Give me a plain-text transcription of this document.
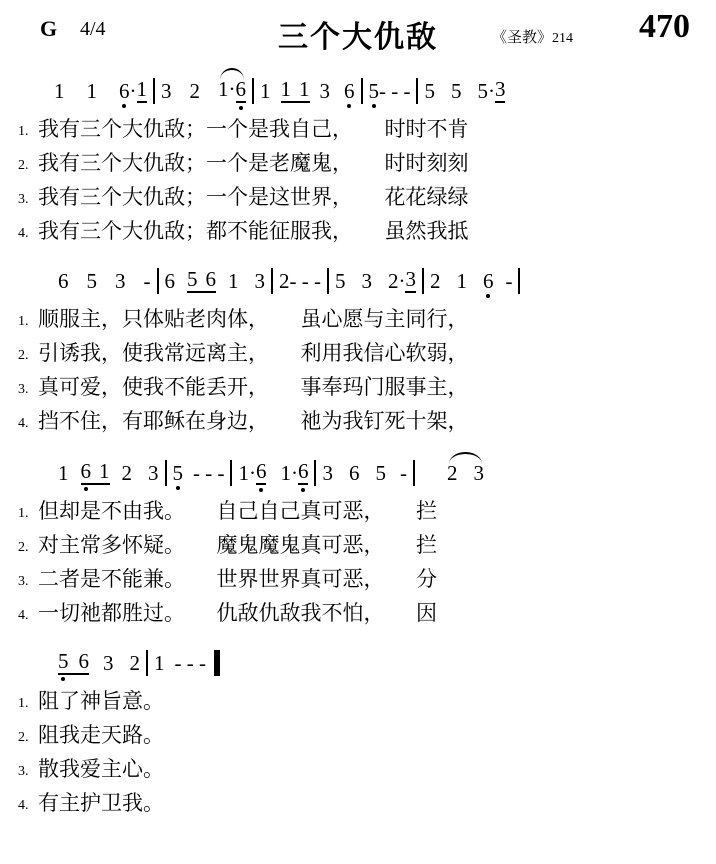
G 4/4	三个大仇敌	《圣教》214 470
1 1 6 · 1 3 2 1·6 1 1 1 3 6 5 - - - 5 5 5 · 3
1. 我有三个大仇敌；一个是我自己，　　时时不肯
2. 我有三个大仇敌；一个是老魔鬼，　　时时刻刻
3. 我有三个大仇敌；一个是这世界，　　花花绿绿
4. 我有三个大仇敌；都不能征服我，　　虽然我抵
6 5 3 - 6 5 6 1 3 2 - - - 5 3 2 · 3 2 1 6 -
1. 顺服主，只体贴老肉体，　　虽心愿与主同行，
2. 引诱我，使我常远离主，　　利用我信心软弱，
3. 真可爱，使我不能丢开，　　事奉玛门服事主，
4. 挡不住，有耶稣在身边，　　祂为我钉死十架，
1 6 1 2 3 5 - - - 1 · 6 1 · 6 3 6 5 - 2 3
1. 但却是不由我。　　自己自己真可恶，　　拦
2. 对主常多怀疑。　　魔鬼魔鬼真可恶，　　拦
3. 二者是不能兼。　　世界世界真可恶，　　分
4. 一切祂都胜过。　　仇敌仇敌我不怕，　　因
5 6 3 2 1 - - -
1. 阻了神旨意。
2. 阻我走天路。
3. 散我爱主心。
4. 有主护卫我。
